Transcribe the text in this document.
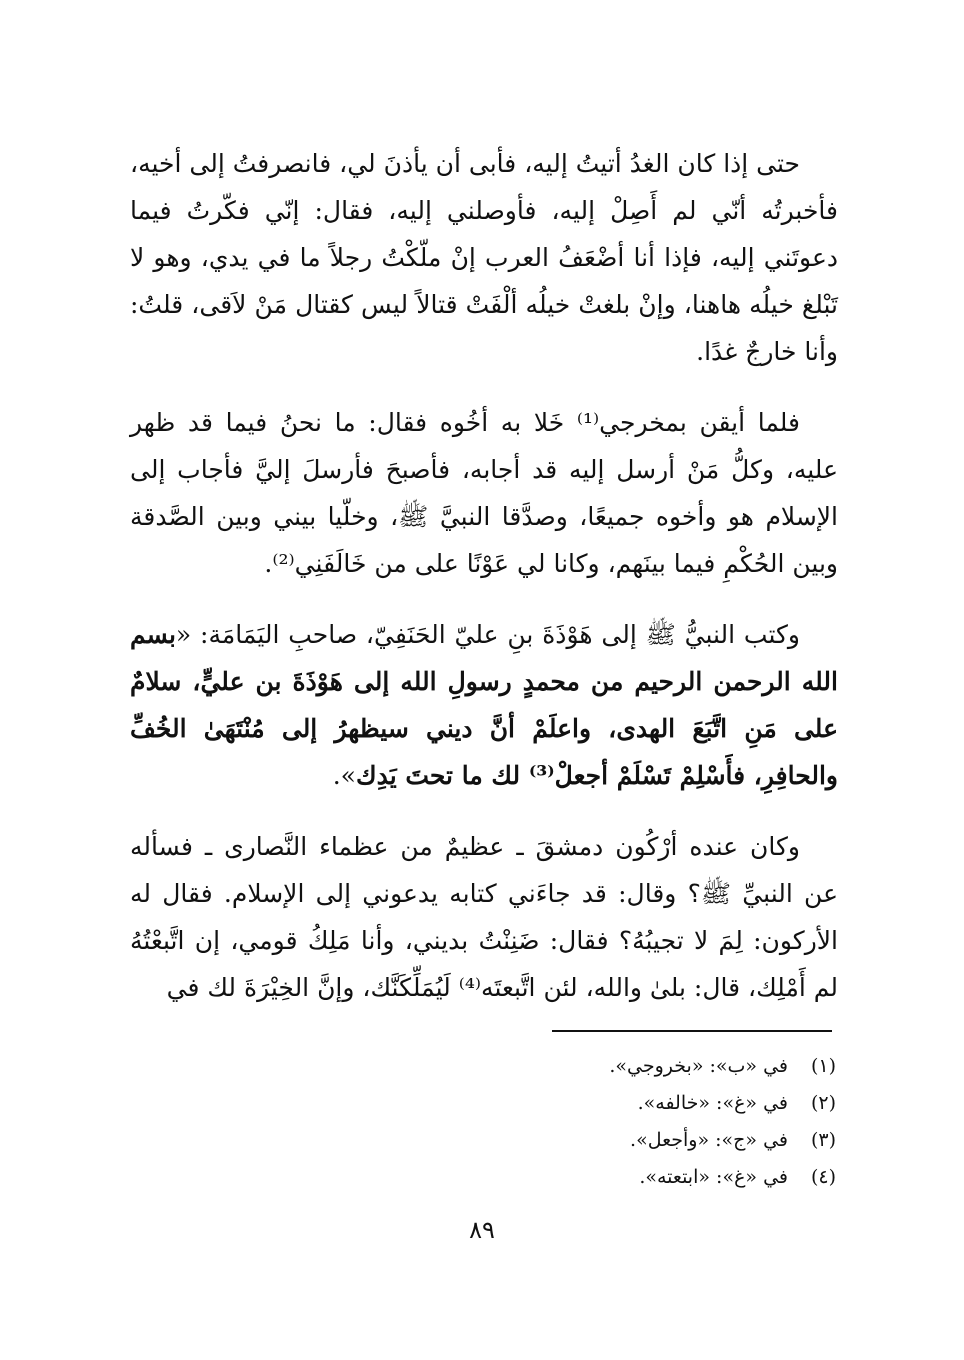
حتى إذا كان الغدُ أتيتُ إليه، فأبى أن يأذنَ لي، فانصرفتُ إلى أخيه، فأخبرتُه أنّي لم أَصِلْ إليه، فأوصلني إليه، فقال: إنّي فكّرتُ فيما دعوتَني إليه، فإذا أنا أضْعَفُ العرب إنْ ملّكْتُ رجلاً ما في يدي، وهو لا تَبْلغ خيلُه هاهنا، وإنْ بلغتْ خيلُه ألْفَتْ قتالاً ليس كقتال مَنْ لاَقى، قلتُ: وأنا خارجٌ غدًا.

فلما أيقن بمخرجي⁽¹⁾ خَلا به أخُوه فقال: ما نحنُ فيما قد ظهر عليه، وكلُّ مَنْ أرسل إليه قد أجابه، فأصبحَ فأرسلَ إليَّ فأجاب إلى الإسلام هو وأخوه جميعًا، وصدَّقا النبيَّ ﷺ، وخلّيا بيني وبين الصَّدقة وبين الحُكْمِ فيما بينَهم، وكانا لي عَوْنًا على من خَالَفَنِي⁽²⁾.

وكتب النبيُّ ﷺ إلى هَوْذَةَ بنِ عليّ الحَنَفِيّ، صاحبِ اليَمَامَة: «بسم الله الرحمن الرحيم من محمدٍ رسولِ الله إلى هَوْذَةَ بن عليٍّ، سلامٌ على مَنِ اتَّبَعَ الهدى، واعلَمْ أنَّ ديني سيظهرُ إلى مُنْتَهَىٰ الخُفِّ والحافِرِ، فأَسْلِمْ تَسْلَمْ أجعلْ⁽³⁾ لك ما تحتَ يَدِك».

وكان عنده أرْكُون دمشقَ ـ عظيمٌ من عظماء النَّصارى ـ فسأله عن النبيِّ ﷺ؟ وقال: قد جاءَني كتابه يدعوني إلى الإسلام. فقال له الأركون: لِمَ لا تجيبُهُ؟ فقال: ضَنِنْتُ بديني، وأنا مَلِكُ قومي، إن اتَّبعْتُهُ لم أَمْلِك، قال: بلىٰ والله، لئن اتَّبعتَه⁽⁴⁾ لَيُمَلِّكَنَّك، وإنَّ الخِيْرَةَ لك في

(١)
في «ب»: «بخروجي».
(٢)
في «غ»: «خالفه».
(٣)
في «ج»: «وأجعل».
(٤)
في «غ»: «ابتعته».
٨٩
